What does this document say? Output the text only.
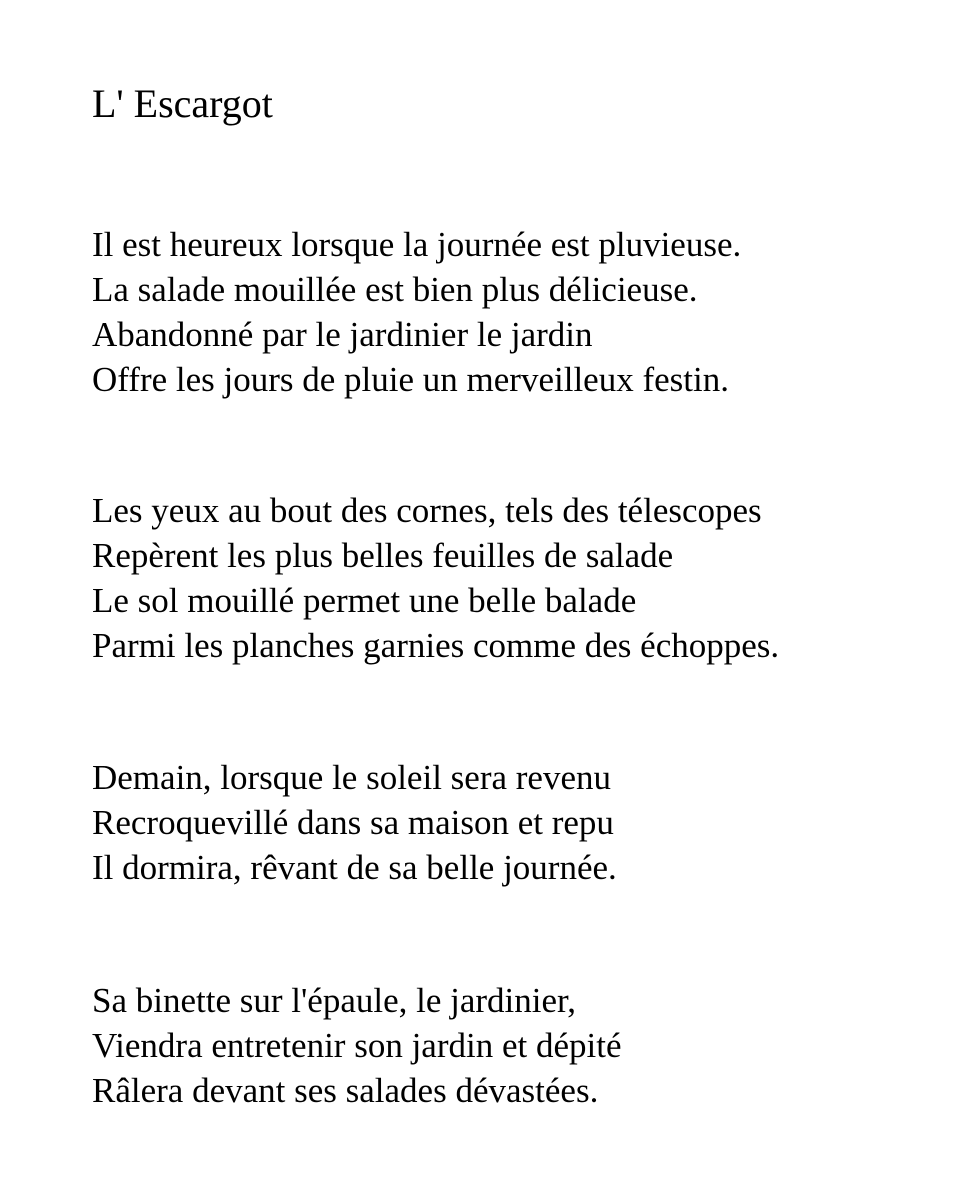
L' Escargot
Il est heureux lorsque la journée est pluvieuse.
La salade mouillée est bien plus délicieuse.
Abandonné par le jardinier le jardin
Offre les jours de pluie un merveilleux festin.
Les yeux au bout des cornes, tels des télescopes
Repèrent les plus belles feuilles de salade
Le sol mouillé permet une belle balade
Parmi les planches garnies comme des échoppes.
Demain, lorsque le soleil sera revenu
Recroquevillé dans sa maison et repu
Il dormira, rêvant de sa belle journée.
Sa binette sur l'épaule, le jardinier,
Viendra entretenir son jardin et dépité
Râlera devant ses salades dévastées.
